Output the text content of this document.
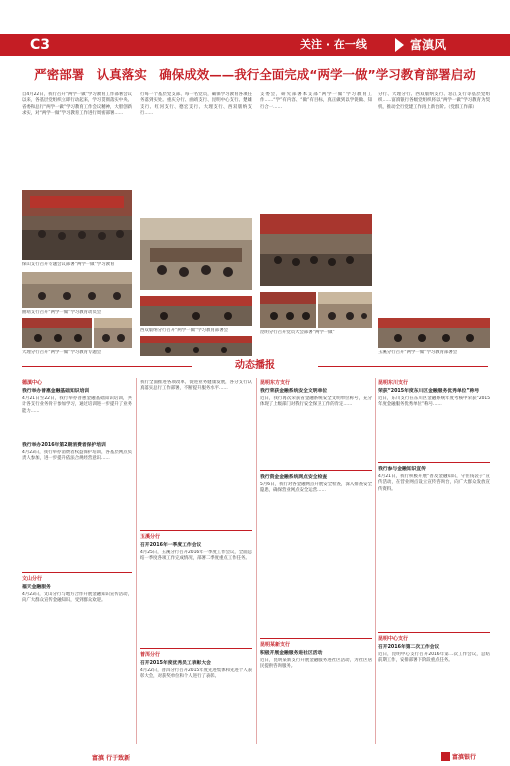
C3	关注 · 在一线	富滇风
严密部署　认真落实　确保成效——我行全面完成“两学一做”学习教育部署启动
自4月22日，我行召开“两学一做”学习教育工作部署会议以来，各基层党组织立即行动起来，学习贯彻落实中央、省委和总行“两学一做”学习教育工作会议精神，大胆创新求实，对“两学一做”学习教育工作进行周密部署……
行每一个基层党支部、每一名党员，确保学习教育各项任务落到实处。重庆分行、曲靖支行、昆明中心支行、楚雄支行、红河支行、德宏支行、大理支行、西双版纳支行……
支委会，研究部署本支部“两学一做”学习教育工作……“学”有内容、“做”有目标，真正做到以学促做、知行合一……
分行、大理分行、西双版纳支行、怒江支行等基层党组织……富滇银行各级党组织将以“两学一做”学习教育为契机，推动全行党建工作再上新台阶。（党群工作部）
保山支行召开专题会议部署“两学一做”学习教育
曲靖支行召开“两学一做”学习教育动员会
西双版纳分行召开“两学一做”学习教育部署会	昆明分行召开党员大会部署“两学一做”
大理分行召开“两学一做”学习教育专题会	玉溪分行召开“两学一做”学习教育部署会
动态播报
德滇中心
我行举办普惠金融基础知识培训
4月21日至22日，我行举办普惠金融基础知识培训，共计各支行业务骨干参加学习，通过培训进一步提升了业务能力……
我行举办2016年第2期消费者保护培训
4月23日，我行举办消费者权益保护培训，各基层网点负责人参加，进一步提升依法合规经营意识……
文山分行
福天金融服务
4月23日，文山分行与地方合作开展金融知识宣传活动，向广大群众宣传金融知识，受到群众欢迎。
我行全面推进各项改革，促进业务健康发展，各分支行认真落实总行工作部署，不断提升服务水平……
玉溪分行
召开2016年一季度工作会议
4月25日，玉溪分行召开2016年一季度工作会议，全面总结一季度各项工作完成情况，部署二季度重点工作任务。
普洱分行
召开2015年度优秀员工表彰大会
4月22日，普洱分行召开2015年度先进集体和先进个人表彰大会，对获奖单位和个人进行了表彰。
昆明东方支行
我行荣获金融系统安全文明单位
近日，我行再次荣获省金融系统安全文明单位称号，充分体现了上级部门对我行安全保卫工作的肯定……
我行资金金融系统网点安全检查
5月6日，我行对各金融网点开展安全检查，深入排查安全隐患，确保营业网点安全运营……
昆明某新支行
积极开展金融服务进社区活动
近日，昆明某新支行开展金融服务进社区活动，为社区居民提供咨询服务。
昆明东川支行
荣获“2015年度东川区金融服务优秀单位”称号
近日，东川支行在东川区金融系统年度考核中荣获“2015年度金融服务优秀单位”称号……
我行参与金融知识宣传
4月21日，我行积极开展“普及金融知识，守住钱袋子”宣传活动，在营业网点设立宣传咨询台，向广大群众发放宣传资料。
昆明中心支行
召开2016年第二次工作会议
近日，昆明中心支行召开2016年第二次工作会议，总结前期工作，安排部署下阶段重点任务。
富滇 行于致新	富滇银行
